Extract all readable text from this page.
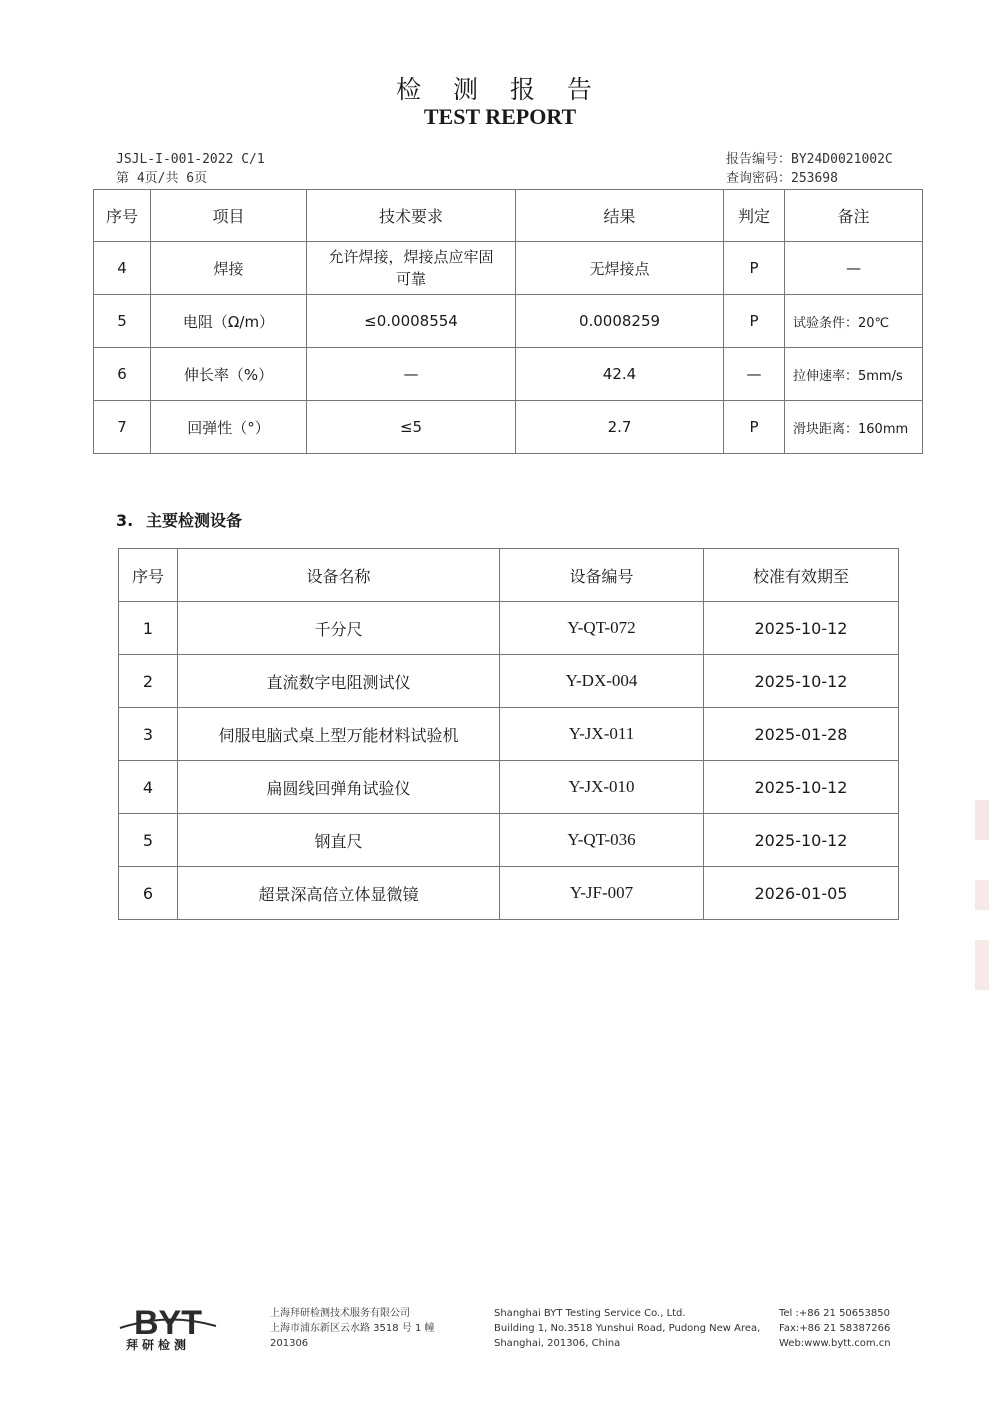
检 测 报 告
TEST REPORT
JSJL-I-001-2022 C/1
第 4页/共 6页
报告编号：BY24D0021002C
查询密码：253698
序号	项目	技术要求	结果	判定	备注
4	焊接	允许焊接，焊接点应牢固可靠	无焊接点	P	—
5	电阻（Ω/m）	≤0.0008554	0.0008259	P	试验条件：20℃
6	伸长率（%）	—	42.4	—	拉伸速率：5mm/s
7	回弹性（°）	≤5	2.7	P	滑块距离：160mm
3. 主要检测设备
序号	设备名称	设备编号	校准有效期至
1	千分尺	Y-QT-072	2025-10-12
2	直流数字电阻测试仪	Y-DX-004	2025-10-12
3	伺服电脑式桌上型万能材料试验机	Y-JX-011	2025-01-28
4	扁圆线回弹角试验仪	Y-JX-010	2025-10-12
5	钢直尺	Y-QT-036	2025-10-12
6	超景深高倍立体显微镜	Y-JF-007	2026-01-05
BYT
拜研检测
上海拜研检测技术服务有限公司
上海市浦东新区云水路 3518 号 1 幢
201306
Shanghai BYT Testing Service Co., Ltd.
Building 1, No.3518 Yunshui Road, Pudong New Area,
Shanghai, 201306, China
Tel :+86 21 50653850
Fax:+86 21 58387266
Web:www.bytt.com.cn
